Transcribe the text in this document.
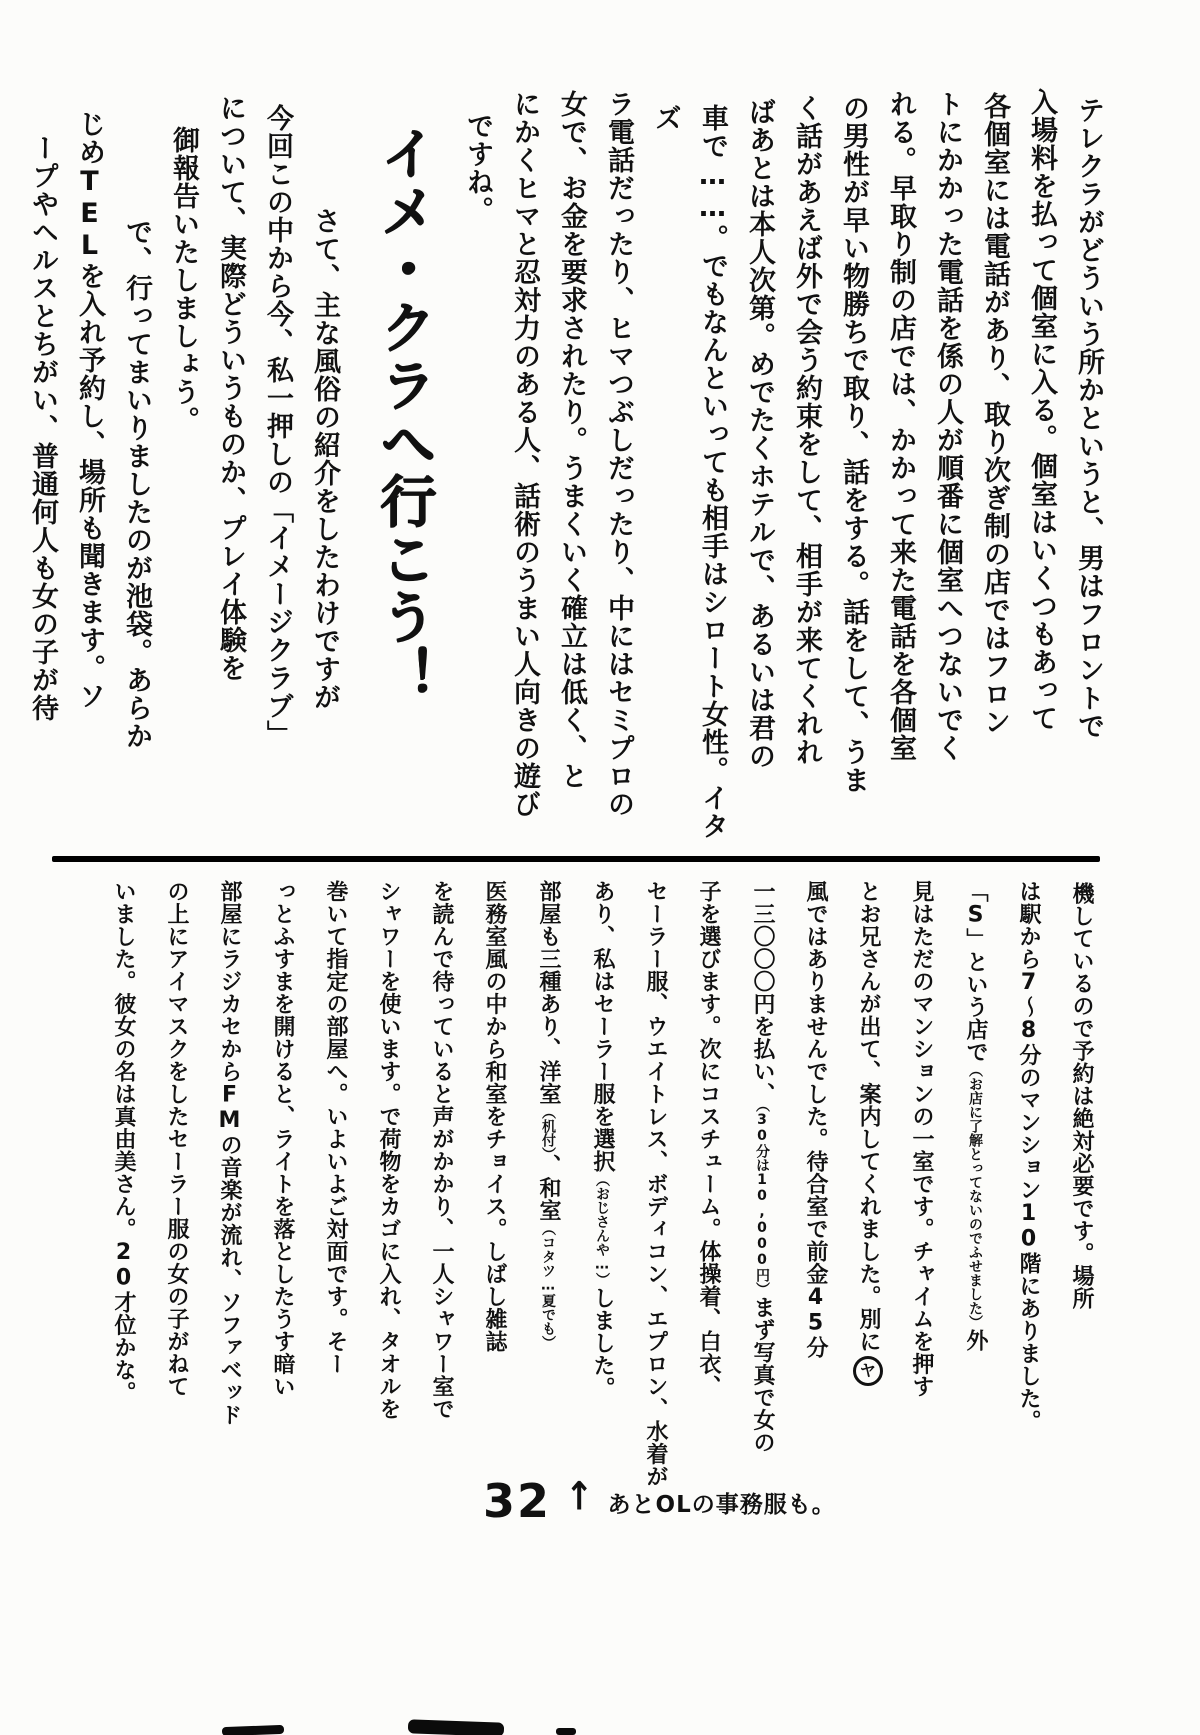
テレクラがどういう所かというと、男はフロントで
入場料を払って個室に入る。個室はいくつもあって
各個室には電話があり、取り次ぎ制の店ではフロン
トにかかった電話を係の人が順番に個室へつないでく
れる。早取り制の店では、かかって来た電話を各個室
の男性が早い物勝ちで取り、話をする。話をして、うま
く話があえば外で会う約束をして、相手が来てくれれ
ばあとは本人次第。めでたくホテルで、あるいは君の
車で……。でもなんといっても相手はシロート女性。イタズ
ラ電話だったり、ヒマつぶしだったり、中にはセミプロの
女で、お金を要求されたり。うまくいく確立は低く、と
にかくヒマと忍対力のある人、話術のうまい人向きの遊び
ですね。
イメ・クラへ行こう！
さて、主な風俗の紹介をしたわけですが
今回この中から今、私一押しの「イメージクラブ」
について、実際どういうものか、プレイ体験を
御報告いたしましょう。
で、行ってまいりましたのが池袋。あらか
じめTELを入れ予約し、場所も聞きます。ソ
ープやヘルスとちがい、普通何人も女の子が待
機しているので予約は絶対必要です。場所
は駅から7〜8分のマンション10階にありました。
「S」という店で（お店に了解とってないのでふせました）外
見はただのマンションの一室です。チャイムを押す
とお兄さんが出て、案内してくれました。別にヤ
風ではありませんでした。待合室で前金45分
一三〇〇〇円を払い、（30分は10,000円）まず写真で女の
子を選びます。次にコスチューム。体操着、白衣、
セーラー服、ウエイトレス、ボディコン、エプロン、水着が
あり、私はセーラー服を選択（おじさんや…）しました。
部屋も三種あり、洋室（机付）、和室（コタツ…夏でも）
医務室風の中から和室をチョイス。しばし雑誌
を読んで待っていると声がかかり、一人シャワー室で
シャワーを使います。で荷物をカゴに入れ、タオルを
巻いて指定の部屋へ。いよいよご対面です。そー
っとふすまを開けると、ライトを落としたうす暗い
部屋にラジカセからFMの音楽が流れ、ソファベッド
の上にアイマスクをしたセーラー服の女の子がねて
いました。彼女の名は真由美さん。20才位かな。
32 ↑ あとOLの事務服も。
